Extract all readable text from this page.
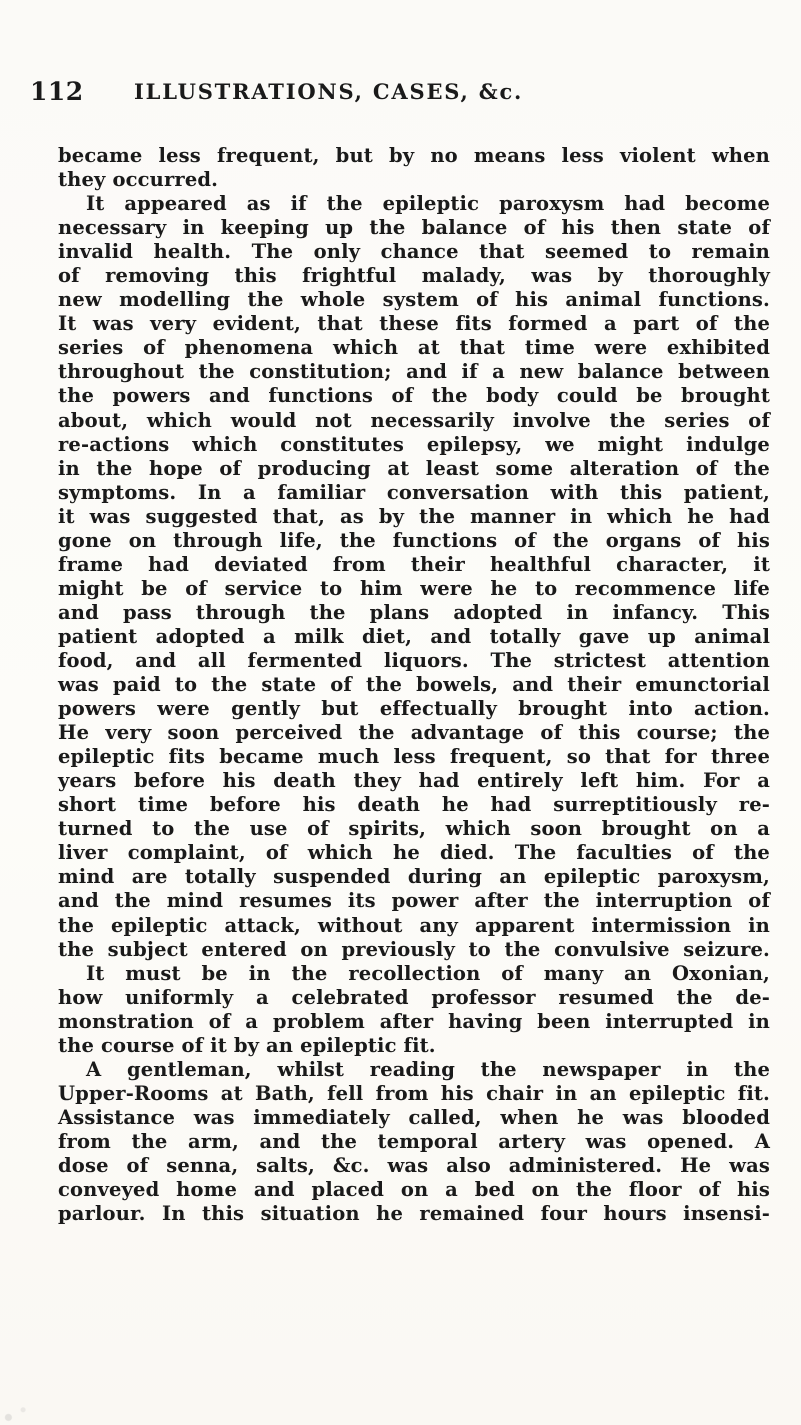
112 ILLUSTRATIONS, CASES, &c.
became less frequent, but by no means less violent when
they occurred.
It appeared as if the epileptic paroxysm had become
necessary in keeping up the balance of his then state of
invalid health. The only chance that seemed to remain
of removing this frightful malady, was by thoroughly
new modelling the whole system of his animal functions.
It was very evident, that these fits formed a part of the
series of phenomena which at that time were exhibited
throughout the constitution; and if a new balance between
the powers and functions of the body could be brought
about, which would not necessarily involve the series of
re-actions which constitutes epilepsy, we might indulge
in the hope of producing at least some alteration of the
symptoms. In a familiar conversation with this patient,
it was suggested that, as by the manner in which he had
gone on through life, the functions of the organs of his
frame had deviated from their healthful character, it
might be of service to him were he to recommence life
and pass through the plans adopted in infancy. This
patient adopted a milk diet, and totally gave up animal
food, and all fermented liquors. The strictest attention
was paid to the state of the bowels, and their emunctorial
powers were gently but effectually brought into action.
He very soon perceived the advantage of this course; the
epileptic fits became much less frequent, so that for three
years before his death they had entirely left him. For a
short time before his death he had surreptitiously re-
turned to the use of spirits, which soon brought on a
liver complaint, of which he died. The faculties of the
mind are totally suspended during an epileptic paroxysm,
and the mind resumes its power after the interruption of
the epileptic attack, without any apparent intermission in
the subject entered on previously to the convulsive seizure.
It must be in the recollection of many an Oxonian,
how uniformly a celebrated professor resumed the de-
monstration of a problem after having been interrupted in
the course of it by an epileptic fit.
A gentleman, whilst reading the newspaper in the
Upper-Rooms at Bath, fell from his chair in an epileptic fit.
Assistance was immediately called, when he was blooded
from the arm, and the temporal artery was opened. A
dose of senna, salts, &c. was also administered. He was
conveyed home and placed on a bed on the floor of his
parlour. In this situation he remained four hours insensi-
